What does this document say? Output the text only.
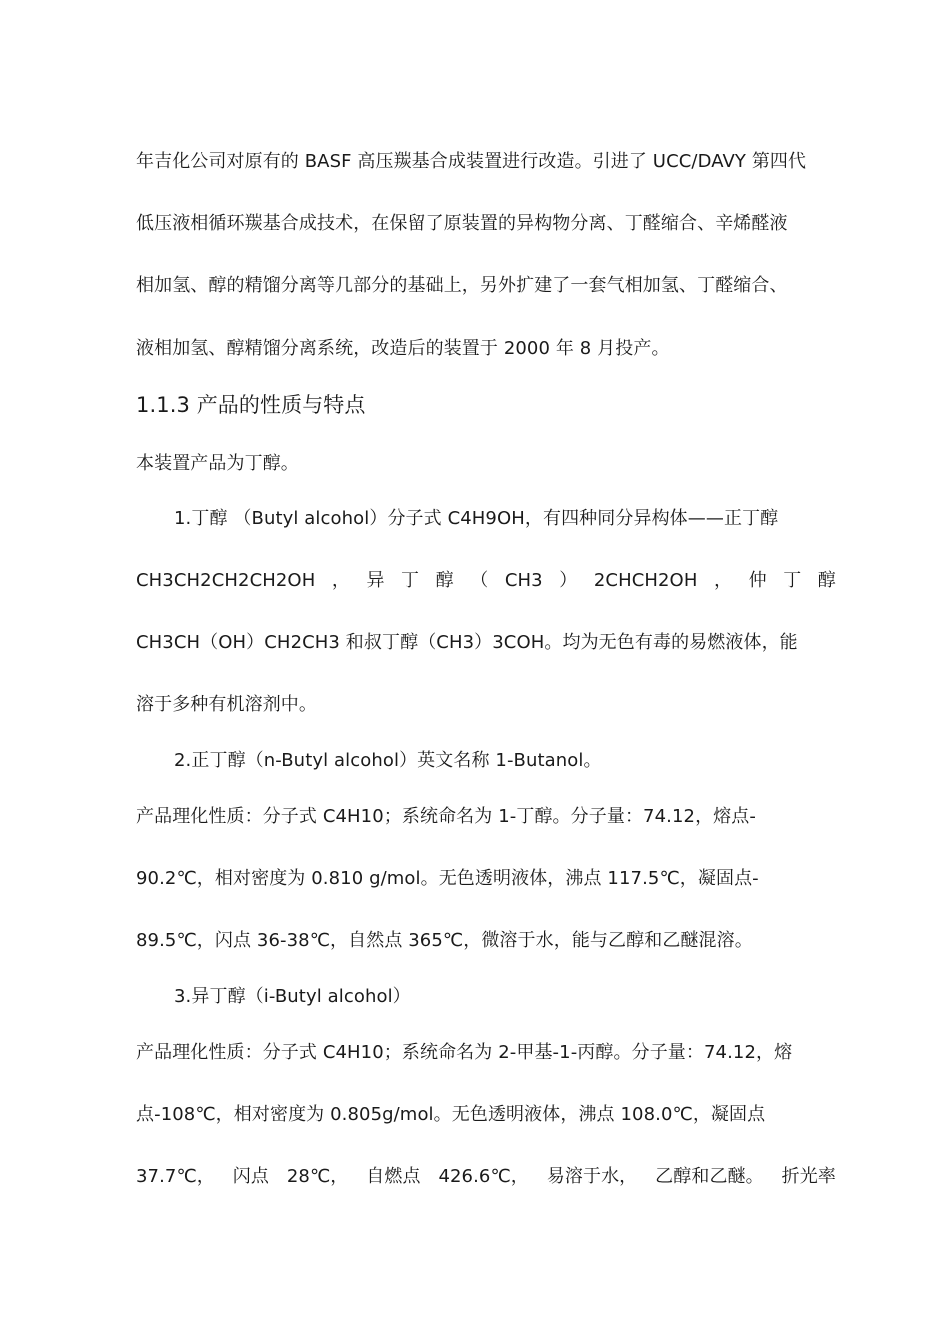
年吉化公司对原有的 BASF 高压羰基合成装置进行改造。引进了 UCC/DAVY 第四代
低压液相循环羰基合成技术，在保留了原装置的异构物分离、丁醛缩合、辛烯醛液
相加氢、醇的精馏分离等几部分的基础上，另外扩建了一套气相加氢、丁醛缩合、
液相加氢、醇精馏分离系统，改造后的装置于 2000 年 8 月投产。
1.1.3 产品的性质与特点
本装置产品为丁醇。
1.丁醇 （Butyl alcohol）分子式 C4H9OH，有四种同分异构体——正丁醇
CH3CH2CH2CH2OH ， 异 丁 醇 （ CH3 ） 2CHCH2OH ， 仲 丁 醇
CH3CH（OH）CH2CH3 和叔丁醇（CH3）3COH。均为无色有毒的易燃液体，能
溶于多种有机溶剂中。
2.正丁醇（n-Butyl alcohol）英文名称 1-Butanol。
产品理化性质：分子式 C4H10；系统命名为 1-丁醇。分子量：74.12，熔点-
90.2℃，相对密度为 0.810 g/mol。无色透明液体，沸点 117.5℃，凝固点-
89.5℃，闪点 36-38℃，自然点 365℃，微溶于水，能与乙醇和乙醚混溶。
3.异丁醇（i-Butyl alcohol）
产品理化性质：分子式 C4H10；系统命名为 2-甲基-1-丙醇。分子量：74.12，熔
点-108℃，相对密度为 0.805g/mol。无色透明液体，沸点 108.0℃，凝固点
37.7℃， 闪点 28℃， 自燃点 426.6℃， 易溶于水， 乙醇和乙醚。 折光率
